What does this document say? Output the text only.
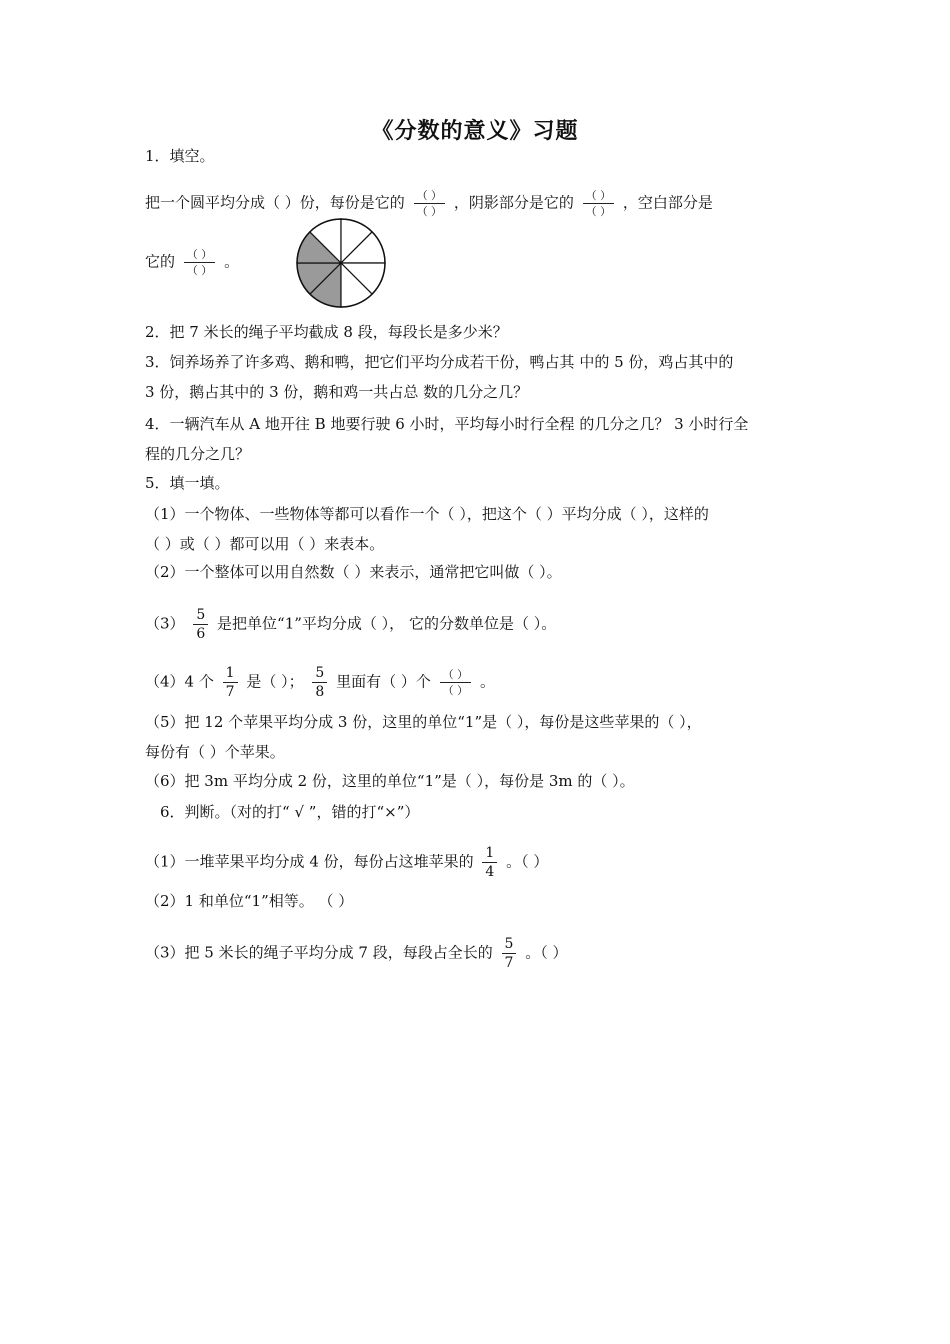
《分数的意义》习题
1．填空。
把一个圆平均分成（ ）份，每份是它的 $\frac{( )}{( )}$ ，阴影部分是它的 $\frac{( )}{( )}$ ，空白部分是
它的 $\frac{( )}{( )}$ 。
2．把 7 米长的绳子平均截成 8 段，每段长是多少米？
3．饲养场养了许多鸡、鹅和鸭，把它们平均分成若干份，鸭占其 中的 5 份，鸡占其中的
3 份，鹅占其中的 3 份，鹅和鸡一共占总 数的几分之几？
4．一辆汽车从 A 地开往 B 地要行驶 6 小时，平均每小时行全程 的几分之几？ 3 小时行全
程的几分之几？
5．填一填。
（1）一个物体、一些物体等都可以看作一个（ ），把这个（ ）平均分成（ ），这样的
（ ）或（ ）都可以用（ ）来表本。
（2）一个整体可以用自然数（ ）来表示，通常把它叫做（ ）。
$(3) \frac{5}{6}$ 是把单位“1”平均分成（ ）， 它的分数单位是（ ）。
（4）4 个 $\frac{1}{7}$ 是（ ）； $\frac{5}{8}$ 里面有（ ）个 $\frac{( )}{( )}$ 。
（5）把 12 个苹果平均分成 3 份，这里的单位“1”是（ ），每份是这些苹果的（ ），
每份有（ ）个苹果。
（6）把 3m 平均分成 2 份，这里的单位“1”是（ ），每份是 3m 的（ ）。
6．判断。（对的打“ √ ”，错的打“×”）
（1）一堆苹果平均分成 4 份，每份占这堆苹果的 $\frac{1}{4}$ 。（ ）
（2）1 和单位“1”相等。 （ ）
（3）把 5 米长的绳子平均分成 7 段，每段占全长的 $\frac{5}{7}$ 。（ ）
